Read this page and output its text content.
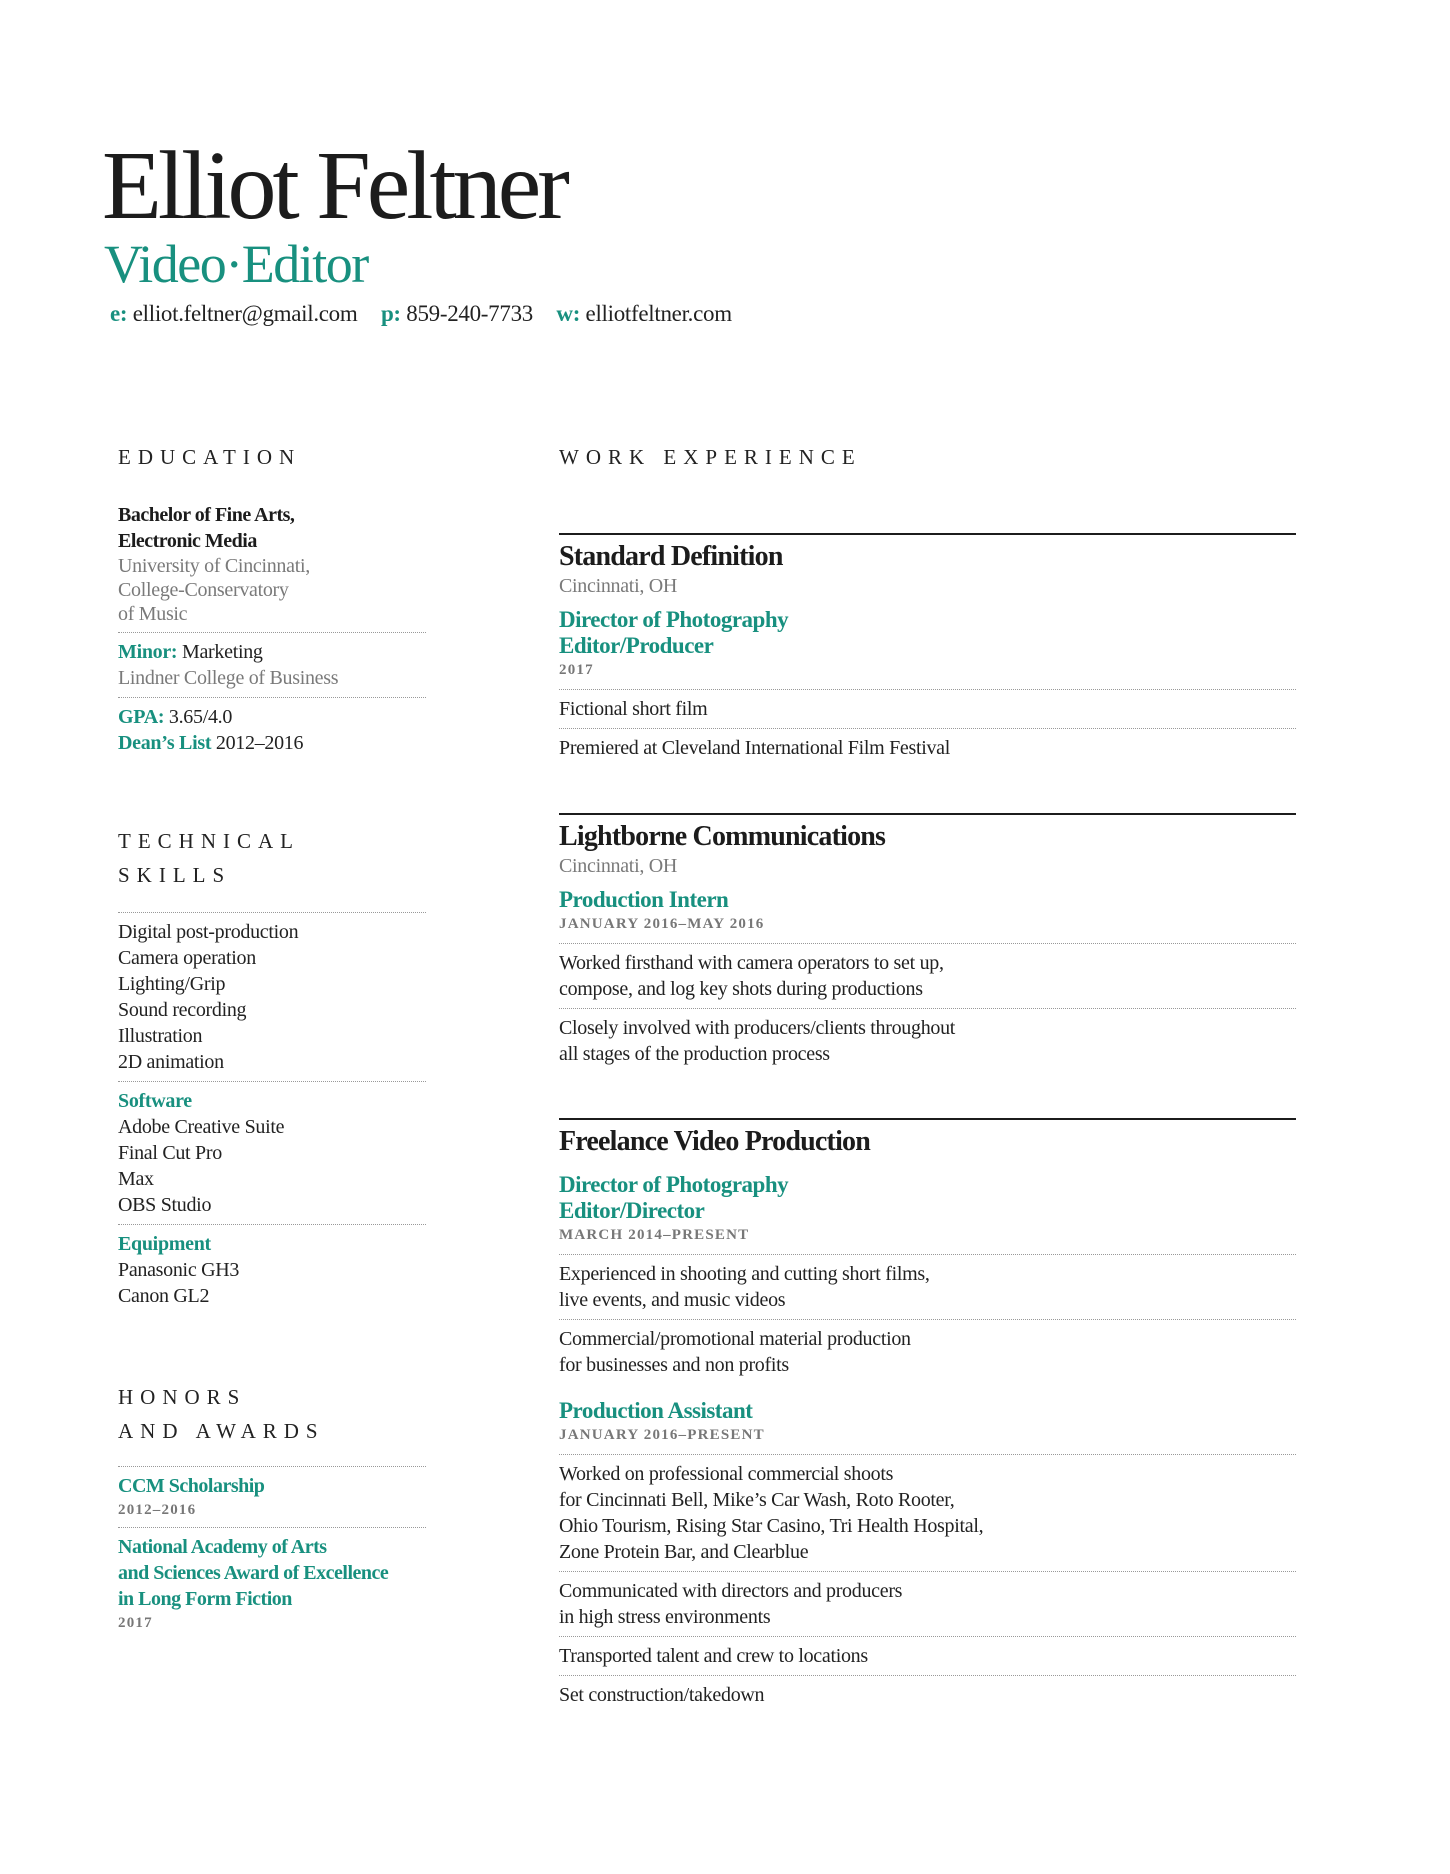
Elliot Feltner
Video·Editor
e: elliot.feltner@gmail.com p: 859-240-7733 w: elliotfeltner.com
EDUCATION
Bachelor of Fine Arts,
Electronic Media
University of Cincinnati,
College-Conservatory
of Music
Minor: Marketing
Lindner College of Business
GPA: 3.65/4.0
Dean’s List 2012–2016
TECHNICAL
SKILLS
Digital post-production
Camera operation
Lighting/Grip
Sound recording
Illustration
2D animation
Software
Adobe Creative Suite
Final Cut Pro
Max
OBS Studio
Equipment
Panasonic GH3
Canon GL2
HONORS
AND AWARDS
CCM Scholarship
2012–2016
National Academy of Arts
and Sciences Award of Excellence
in Long Form Fiction
2017
WORK EXPERIENCE
Standard Definition
Cincinnati, OH
Director of Photography
Editor/Producer
2017
Fictional short film
Premiered at Cleveland International Film Festival
Lightborne Communications
Cincinnati, OH
Production Intern
JANUARY 2016–MAY 2016
Worked firsthand with camera operators to set up,
compose, and log key shots during productions
Closely involved with producers/clients throughout
all stages of the production process
Freelance Video Production
Director of Photography
Editor/Director
MARCH 2014–PRESENT
Experienced in shooting and cutting short films,
live events, and music videos
Commercial/promotional material production
for businesses and non profits
Production Assistant
JANUARY 2016–PRESENT
Worked on professional commercial shoots
for Cincinnati Bell, Mike’s Car Wash, Roto Rooter,
Ohio Tourism, Rising Star Casino, Tri Health Hospital,
Zone Protein Bar, and Clearblue
Communicated with directors and producers
in high stress environments
Transported talent and crew to locations
Set construction/takedown
